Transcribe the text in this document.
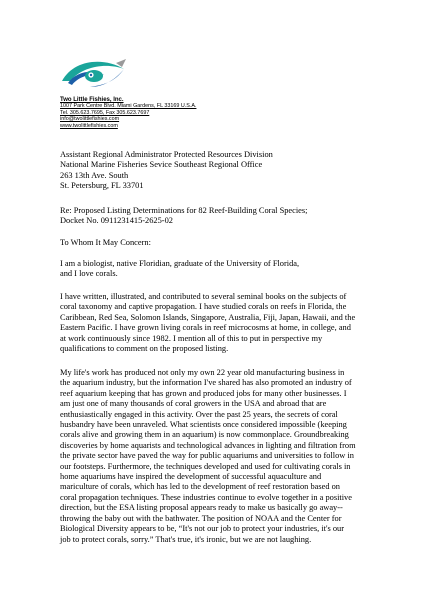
Two Little Fishies, Inc.
1007 Park Centre Blvd. Miami Gardens, FL 33169 U.S.A.
Tel. 305.623.7695, Fax 305.623.7697
info@twolittlefishies.com
www.twolittlefishies.com
Assistant Regional Administrator Protected Resources Division
National Marine Fisheries Sevice Southeast Regional Office
263 13th Ave. South
St. Petersburg, FL 33701
Re: Proposed Listing Determinations for 82 Reef-Building Coral Species;
Docket No. 0911231415-2625-02
To Whom It May Concern:
I am a biologist, native Floridian, graduate of the University of Florida,
and I love corals.
I have written, illustrated, and contributed to several seminal books on the subjects of
coral taxonomy and captive propagation. I have studied corals on reefs in Florida, the
Caribbean, Red Sea, Solomon Islands, Singapore, Australia, Fiji, Japan, Hawaii, and the
Eastern Pacific. I have grown living corals in reef microcosms at home, in college, and
at work continuously since 1982. I mention all of this to put in perspective my
qualifications to comment on the proposed listing.
My life's work has produced not only my own 22 year old manufacturing business in
the aquarium industry, but the information I've shared has also promoted an industry of
reef aquarium keeping that has grown and produced jobs for many other businesses. I
am just one of many thousands of coral growers in the USA and abroad that are
enthusiastically engaged in this activity. Over the past 25 years, the secrets of coral
husbandry have been unraveled. What scientists once considered impossible (keeping
corals alive and growing them in an aquarium) is now commonplace. Groundbreaking
discoveries by home aquarists and technological advances in lighting and filtration from
the private sector have paved the way for public aquariums and universities to follow in
our footsteps. Furthermore, the techniques developed and used for cultivating corals in
home aquariums have inspired the development of successful aquaculture and
mariculture of corals, which has led to the development of reef restoration based on
coral propagation techniques. These industries continue to evolve together in a positive
direction, but the ESA listing proposal appears ready to make us basically go away--
throwing the baby out with the bathwater. The position of NOAA and the Center for
Biological Diversity appears to be, “It's not our job to protect your industries, it's our
job to protect corals, sorry.” That's true, it's ironic, but we are not laughing.
